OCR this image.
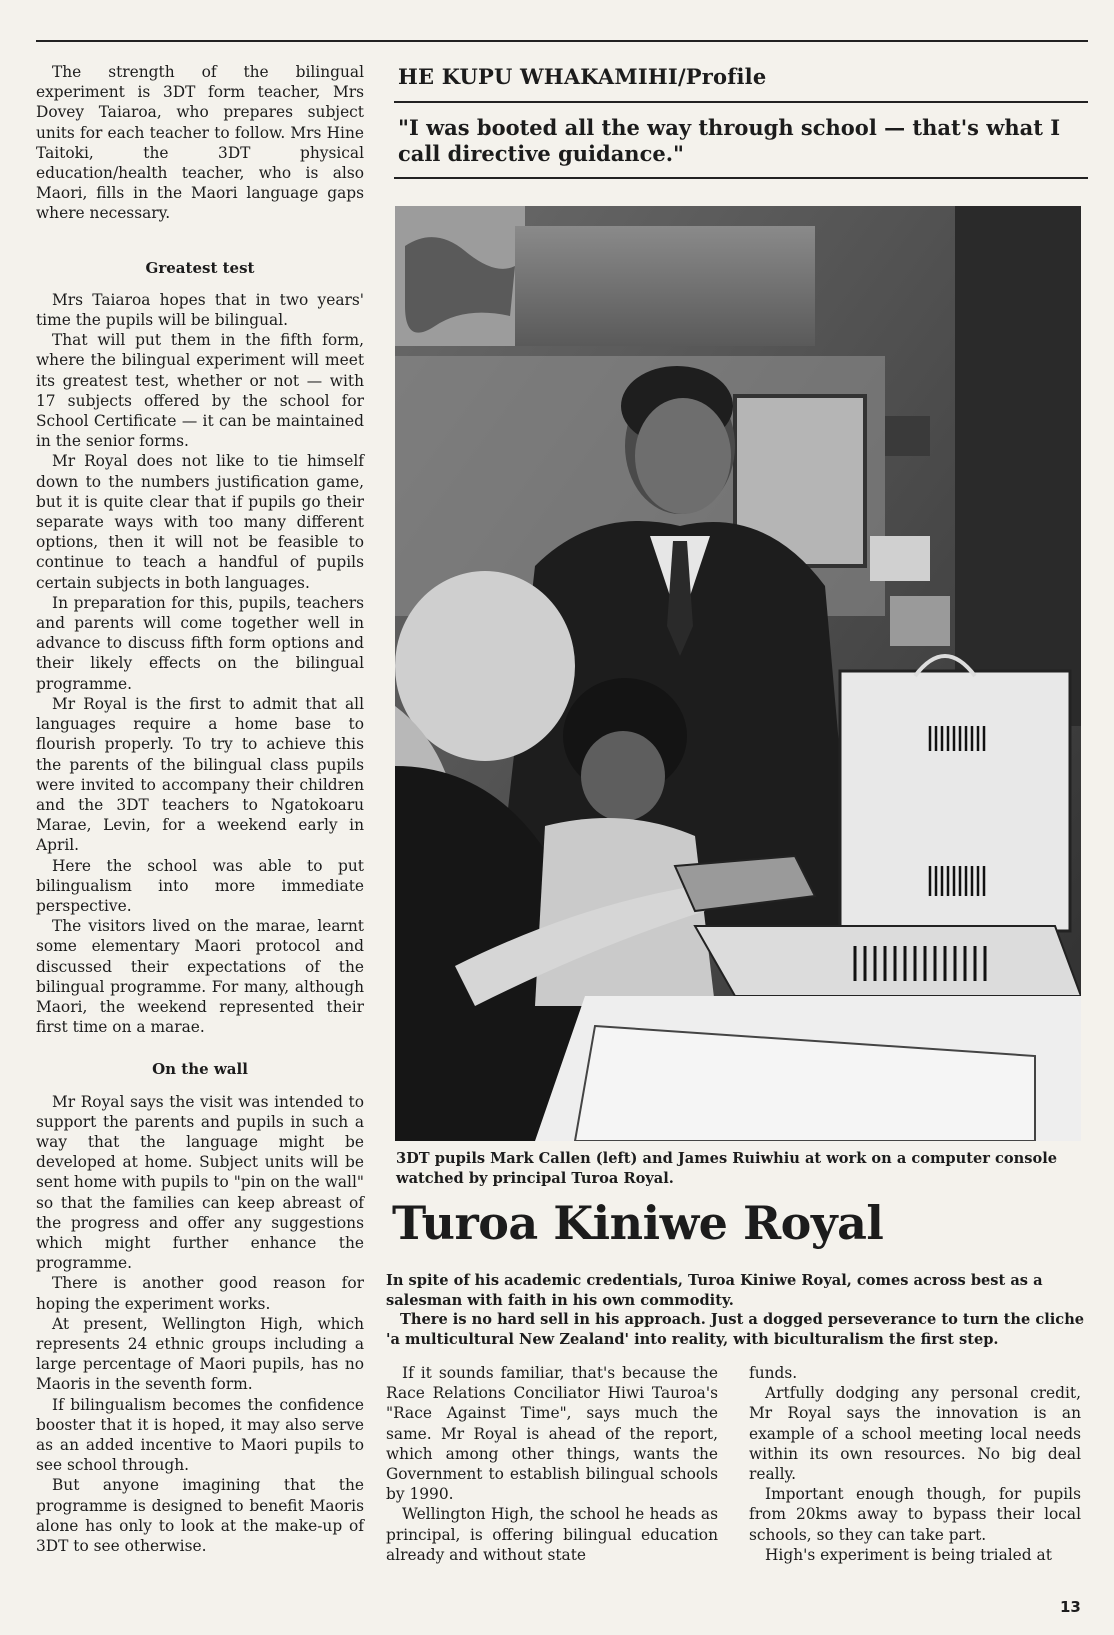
The strength of the bilingual experiment is 3DT form teacher, Mrs Dovey Taiaroa, who prepares subject units for each teacher to follow. Mrs Hine Taitoki, the 3DT physical education/health teacher, who is also Maori, fills in the Maori language gaps where necessary.

Greatest test

Mrs Taiaroa hopes that in two years' time the pupils will be bilingual.

That will put them in the fifth form, where the bilingual experiment will meet its greatest test, whether or not — with 17 subjects offered by the school for School Certificate — it can be maintained in the senior forms.

Mr Royal does not like to tie himself down to the numbers justification game, but it is quite clear that if pupils go their separate ways with too many different options, then it will not be feasible to continue to teach a handful of pupils certain subjects in both languages.

In preparation for this, pupils, teachers and parents will come together well in advance to discuss fifth form options and their likely effects on the bilingual programme.

Mr Royal is the first to admit that all languages require a home base to flourish properly. To try to achieve this the parents of the bilingual class pupils were invited to accompany their children and the 3DT teachers to Ngatokoaru Marae, Levin, for a weekend early in April.

Here the school was able to put bilingualism into more immediate perspective.

The visitors lived on the marae, learnt some elementary Maori protocol and discussed their expectations of the bilingual programme. For many, although Maori, the weekend represented their first time on a marae.

On the wall

Mr Royal says the visit was intended to support the parents and pupils in such a way that the language might be developed at home. Subject units will be sent home with pupils to "pin on the wall" so that the families can keep abreast of the progress and offer any suggestions which might further enhance the programme.

There is another good reason for hoping the experiment works.

At present, Wellington High, which represents 24 ethnic groups including a large percentage of Maori pupils, has no Maoris in the seventh form.

If bilingualism becomes the confidence booster that it is hoped, it may also serve as an added incentive to Maori pupils to see school through.

But anyone imagining that the programme is designed to benefit Maoris alone has only to look at the make-up of 3DT to see otherwise.

HE KUPU WHAKAMIHI/Profile
"I was booted all the way through school — that's what I call directive guidance."
3DT pupils Mark Callen (left) and James Ruiwhiu at work on a computer console watched by principal Turoa Royal.
Turoa Kiniwe Royal

In spite of his academic credentials, Turoa Kiniwe Royal, comes across best as a salesman with faith in his own commodity.

There is no hard sell in his approach. Just a dogged perseverance to turn the cliche 'a multicultural New Zealand' into reality, with biculturalism the first step.

If it sounds familiar, that's because the Race Relations Conciliator Hiwi Tauroa's "Race Against Time", says much the same. Mr Royal is ahead of the report, which among other things, wants the Government to establish bilingual schools by 1990.

Wellington High, the school he heads as principal, is offering bilingual education already and without state

funds.

Artfully dodging any personal credit, Mr Royal says the innovation is an example of a school meeting local needs within its own resources. No big deal really.

Important enough though, for pupils from 20kms away to bypass their local schools, so they can take part.

High's experiment is being trialed at

13
